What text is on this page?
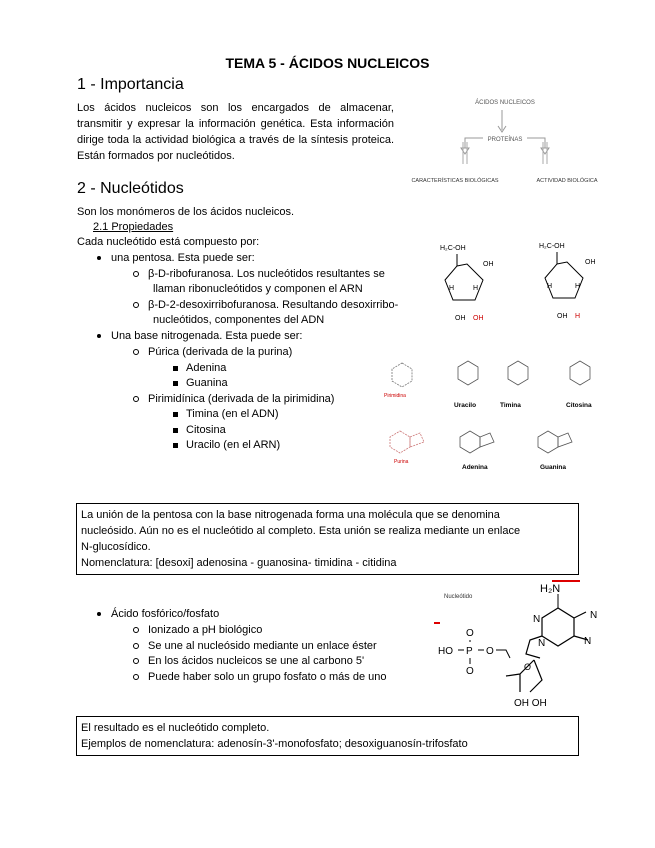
TEMA 5 - ÁCIDOS NUCLEICOS
1 - Importancia
Los ácidos nucleicos son los encargados de almacenar, transmitir y expresar la información genética. Esta información dirige toda la actividad biológica a través de la síntesis proteica. Están formados por nucleótidos.
ÁCIDOS NUCLEICOS
PROTEÍNAS
CARACTERÍSTICAS BIOLÓGICAS	ACTIVIDAD BIOLÓGICA
2 - Nucleótidos
Son los monómeros de los ácidos nucleicos.
2.1 Propiedades
Cada nucleótido está compuesto por:
una pentosa. Esta puede ser:
β-D-ribofuranosa. Los nucleótidos resultantes se
llaman ribonucleótidos y componen el ARN
β-D-2-desoxirribofuranosa. Resultando desoxirribo-
nucleótidos, componentes del ADN
Una base nitrogenada. Esta puede ser:
Púrica (derivada de la purina)
Adenina
Guanina
Pirimidínica (derivada de la pirimidina)
Timina (en el ADN)
Citosina
Uracilo (en el ARN)
H₂C-OH
OH
H	H
OH OH
H₂C-OH
OH
H	H
OH H
Pirimidina
Uracilo	Timina	Citosina
Purina
Adenina	Guanina
La unión de la pentosa con la base nitrogenada forma una molécula que se denomina
nucleósido. Aún no es el nucleótido al completo. Esta unión se realiza mediante un enlace
N-glucosídico.
Nomenclatura: [desoxi] adenosina - guanosina- timidina - citidina
Ácido fosfórico/fosfato
Ionizado a pH biológico
Se une al nucleósido mediante un enlace éster
En los ácidos nucleicos se une al carbono 5'
Puede haber solo un grupo fosfato o más de uno
Nucleótido
H₂N
N	N
N	N
O
HO P
O
O
O
OH OH
El resultado es el nucleótido completo.
Ejemplos de nomenclatura: adenosín-3'-monofosfato; desoxiguanosín-trifosfato
